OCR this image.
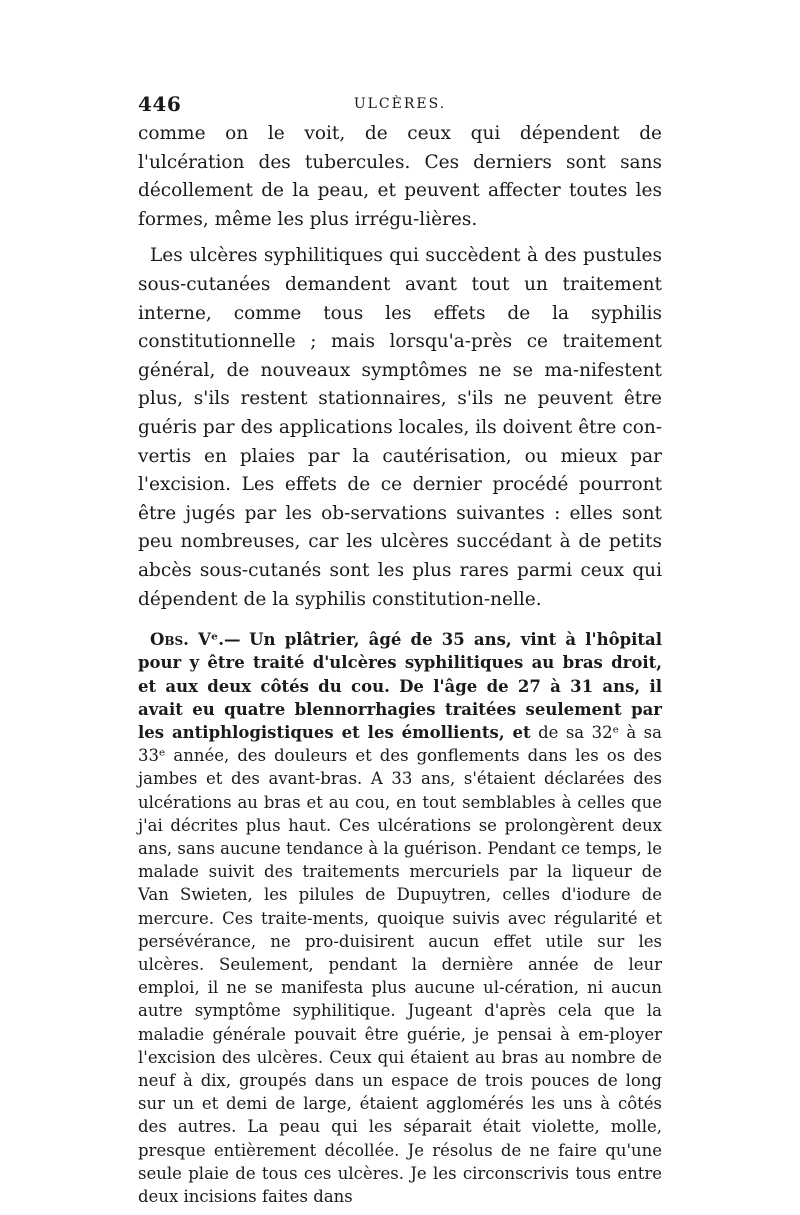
446	ULCÈRES.

comme on le voit, de ceux qui dépendent de l'ulcération des tubercules. Ces derniers sont sans décollement de la peau, et peuvent affecter toutes les formes, même les plus irrégu-lières.

Les ulcères syphilitiques qui succèdent à des pustules sous-cutanées demandent avant tout un traitement interne, comme tous les effets de la syphilis constitutionnelle ; mais lorsqu'a-près ce traitement général, de nouveaux symptômes ne se ma-nifestent plus, s'ils restent stationnaires, s'ils ne peuvent être guéris par des applications locales, ils doivent être con-vertis en plaies par la cautérisation, ou mieux par l'excision. Les effets de ce dernier procédé pourront être jugés par les ob-servations suivantes : elles sont peu nombreuses, car les ulcères succédant à de petits abcès sous-cutanés sont les plus rares parmi ceux qui dépendent de la syphilis constitution-nelle.

Obs. Vᵉ.— Un plâtrier, âgé de 35 ans, vint à l'hôpital pour y être traité d'ulcères syphilitiques au bras droit, et aux deux côtés du cou. De l'âge de 27 à 31 ans, il avait eu quatre blennorrhagies traitées seulement par les antiphlogistiques et les émollients, et de sa 32ᵉ à sa 33ᵉ année, des douleurs et des gonflements dans les os des jambes et des avant-bras. A 33 ans, s'étaient déclarées des ulcérations au bras et au cou, en tout semblables à celles que j'ai décrites plus haut. Ces ulcérations se prolongèrent deux ans, sans aucune tendance à la guérison. Pendant ce temps, le malade suivit des traitements mercuriels par la liqueur de Van Swieten, les pilules de Dupuytren, celles d'iodure de mercure. Ces traite-ments, quoique suivis avec régularité et persévérance, ne pro-duisirent aucun effet utile sur les ulcères. Seulement, pendant la dernière année de leur emploi, il ne se manifesta plus aucune ul-cération, ni aucun autre symptôme syphilitique. Jugeant d'après cela que la maladie générale pouvait être guérie, je pensai à em-ployer l'excision des ulcères. Ceux qui étaient au bras au nombre de neuf à dix, groupés dans un espace de trois pouces de long sur un et demi de large, étaient agglomérés les uns à côtés des autres. La peau qui les séparait était violette, molle, presque entièrement décollée. Je résolus de ne faire qu'une seule plaie de tous ces ulcères. Je les circonscrivis tous entre deux incisions faites dans
